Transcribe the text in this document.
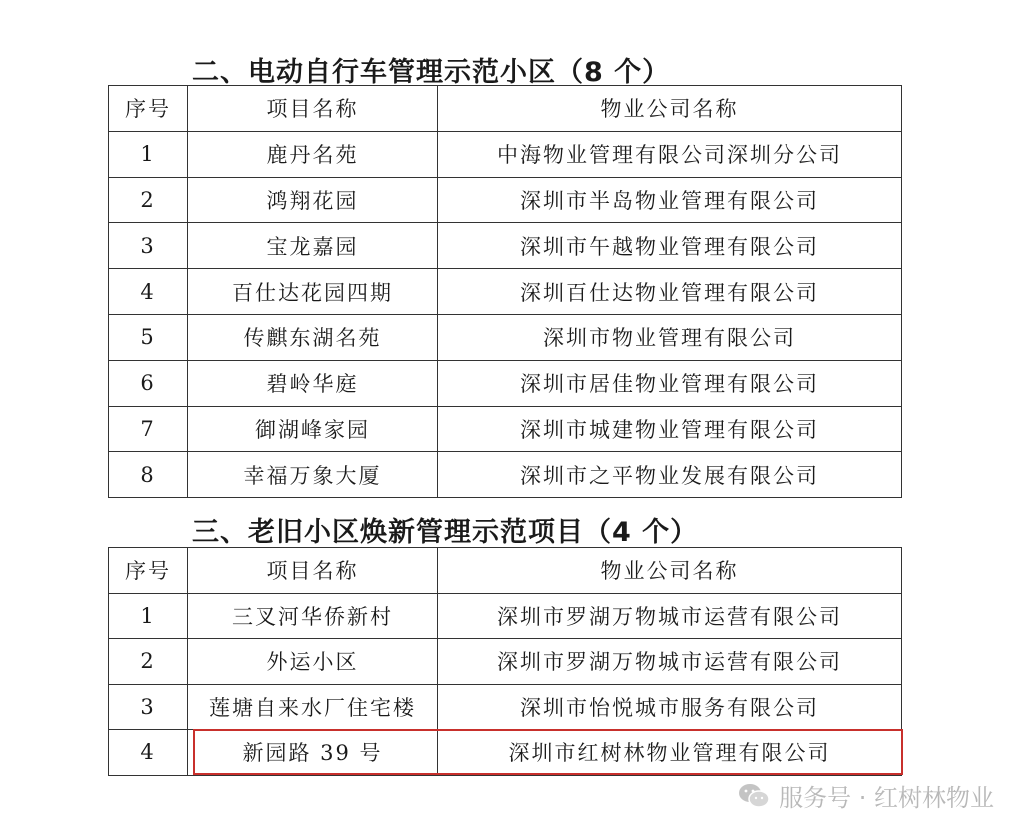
二、电动自行车管理示范小区（8 个）
序号	项目名称	物业公司名称
1	鹿丹名苑	中海物业管理有限公司深圳分公司
2	鸿翔花园	深圳市半岛物业管理有限公司
3	宝龙嘉园	深圳市午越物业管理有限公司
4	百仕达花园四期	深圳百仕达物业管理有限公司
5	传麒东湖名苑	深圳市物业管理有限公司
6	碧岭华庭	深圳市居佳物业管理有限公司
7	御湖峰家园	深圳市城建物业管理有限公司
8	幸福万象大厦	深圳市之平物业发展有限公司
三、老旧小区焕新管理示范项目（4 个）
序号	项目名称	物业公司名称
1	三叉河华侨新村	深圳市罗湖万物城市运营有限公司
2	外运小区	深圳市罗湖万物城市运营有限公司
3	莲塘自来水厂住宅楼	深圳市怡悦城市服务有限公司
4	新园路 39 号	深圳市红树林物业管理有限公司
服务号 · 红树林物业
